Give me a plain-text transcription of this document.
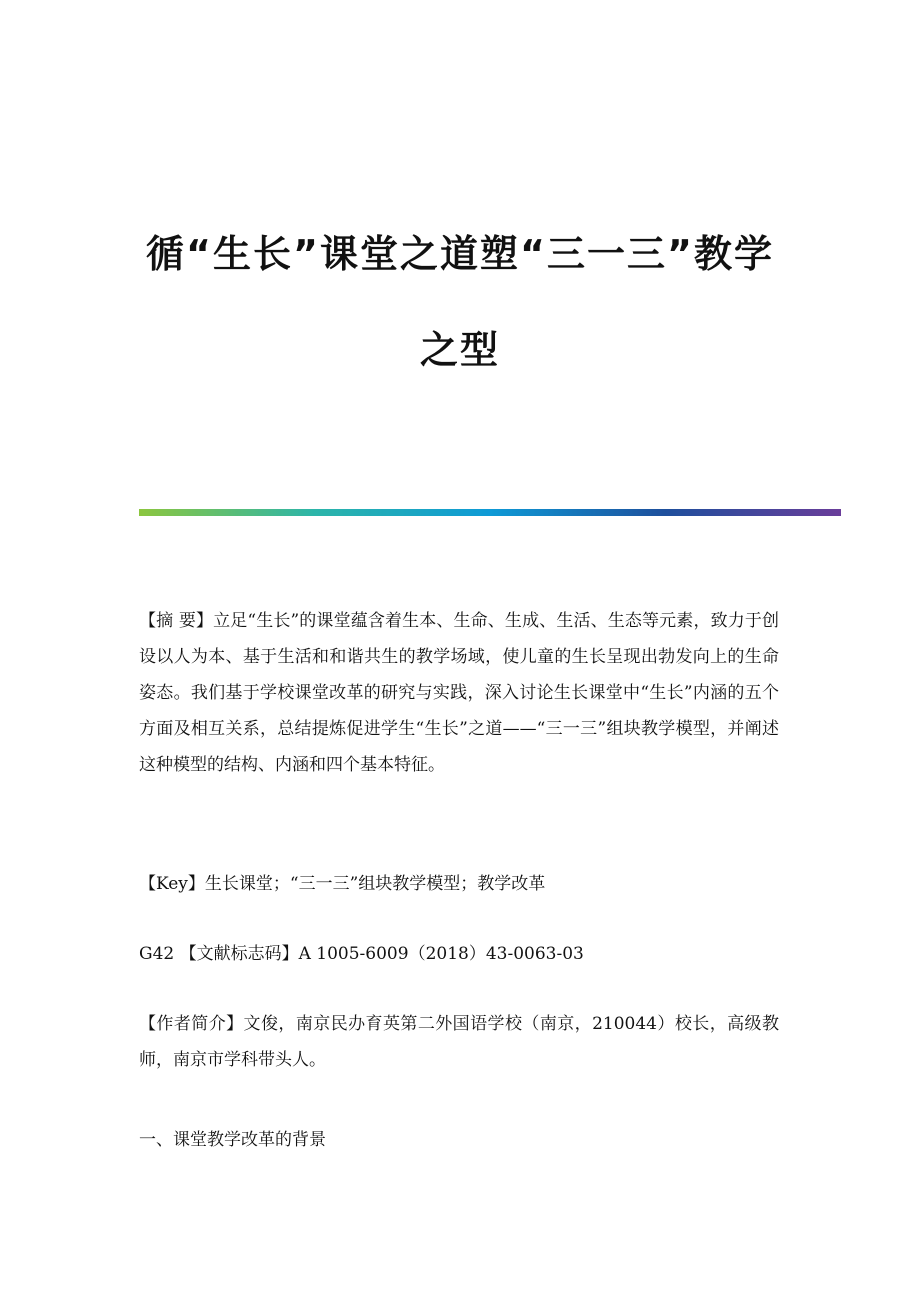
循“生长”课堂之道塑“三一三”教学
之型

【摘 要】立足“生长”的课堂蕴含着生本、生命、生成、生活、生态等元素，致力于创设以人为本、基于生活和和谐共生的教学场域，使儿童的生长呈现出勃发向上的生命姿态。我们基于学校课堂改革的研究与实践，深入讨论生长课堂中“生长”内涵的五个方面及相互关系，总结提炼促进学生“生长”之道——“三一三”组块教学模型，并阐述这种模型的结构、内涵和四个基本特征。

【Key】生长课堂；“三一三”组块教学模型；教学改革

G42 【文献标志码】A 1005-6009（2018）43-0063-03

【作者简介】文俊，南京民办育英第二外国语学校（南京，210044）校长，高级教师，南京市学科带头人。

一、课堂教学改革的背景
